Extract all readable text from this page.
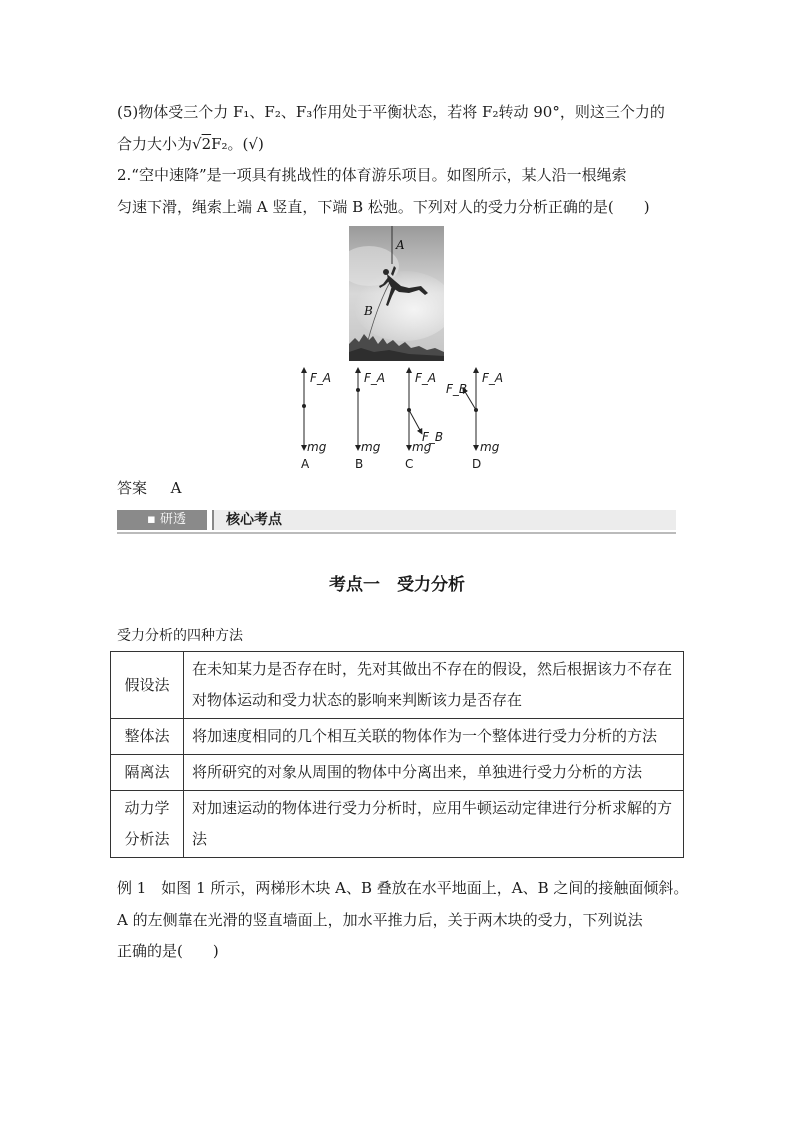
(5)物体受三个力 F₁、F₂、F₃作用处于平衡状态，若将 F₂转动 90°，则这三个力的
合力大小为√2F₂。(√)
2.“空中速降”是一项具有挑战性的体育游乐项目。如图所示，某人沿一根绳索
匀速下滑，绳索上端 A 竖直，下端 B 松弛。下列对人的受力分析正确的是(　　)
A
B
F_A
mg
A
F_A
mg
B
F_A
F_B
mg
C
F_A
F_B
mg
D
答案 A
▪ 研透	核心考点
考点一　受力分析
受力分析的四种方法
假设法	在未知某力是否存在时，先对其做出不存在的假设，然后根据该力不存在对物体运动和受力状态的影响来判断该力是否存在
整体法	将加速度相同的几个相互关联的物体作为一个整体进行受力分析的方法
隔离法	将所研究的对象从周围的物体中分离出来，单独进行受力分析的方法
动力学分析法	对加速运动的物体进行受力分析时，应用牛顿运动定律进行分析求解的方法
例 1　如图 1 所示，两梯形木块 A、B 叠放在水平地面上，A、B 之间的接触面倾斜。
A 的左侧靠在光滑的竖直墙面上，加水平推力后，关于两木块的受力，下列说法
正确的是(　　)
